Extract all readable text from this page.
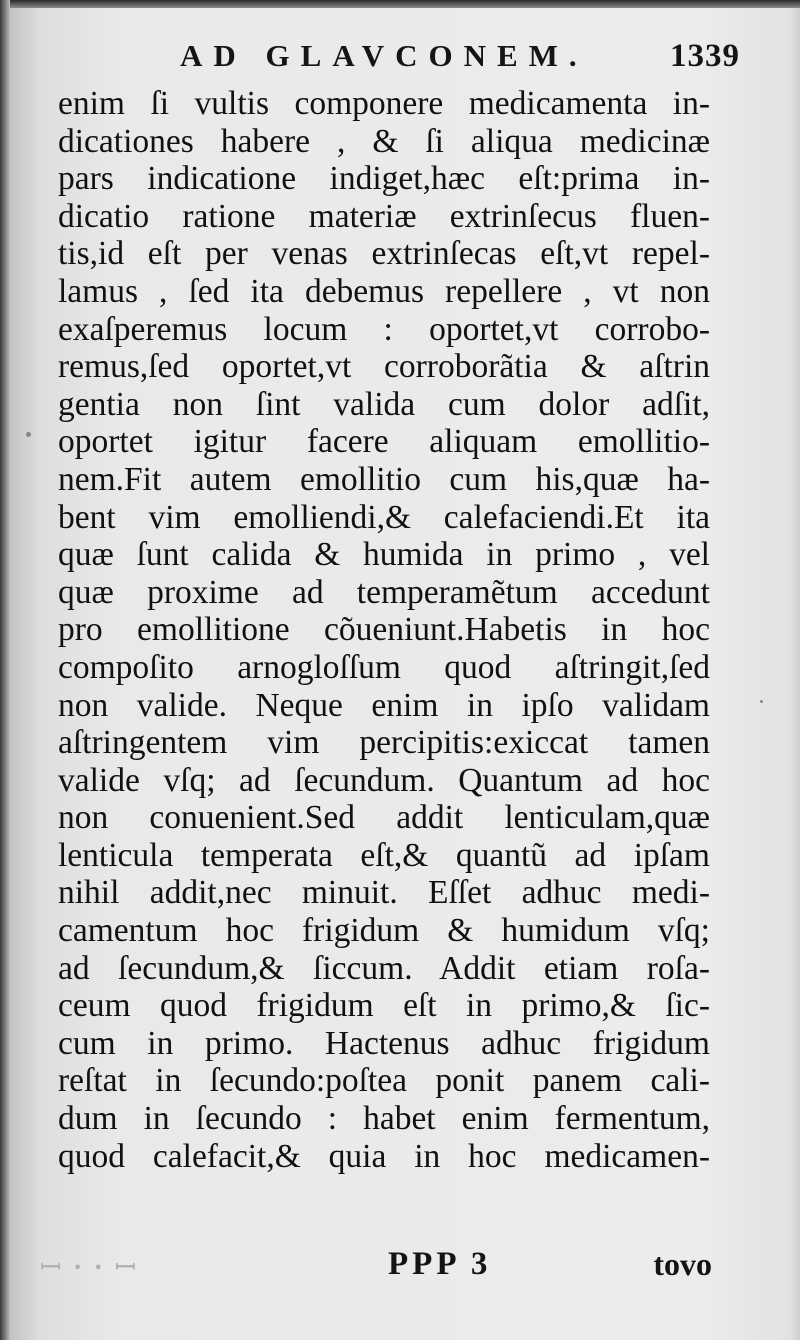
AD GLAVCONEM. 1339
enim ſi vultis componere medicamenta in-
dicationes habere , & ſi aliqua medicinæ
pars indicatione indiget,hæc eſt:prima in-
dicatio ratione materiæ extrinſecus fluen-
tis,id eſt per venas extrinſecas eſt,vt repel-
lamus , ſed ita debemus repellere , vt non
exaſperemus locum : oportet,vt corrobo-
remus,ſed oportet,vt corroborãtia & aſtrin
gentia non ſint valida cum dolor adſit,
oportet igitur facere aliquam emollitio-
nem.Fit autem emollitio cum his,quæ ha-
bent vim emolliendi,& calefaciendi.Et ita
quæ ſunt calida & humida in primo , vel
quæ proxime ad temperamẽtum accedunt
pro emollitione cõueniunt.Habetis in hoc
compoſito arnogloſſum quod aſtringit,ſed
non valide. Neque enim in ipſo validam
aſtringentem vim percipitis:exiccat tamen
valide vſq; ad ſecundum. Quantum ad hoc
non conuenient.Sed addit lenticulam,quæ
lenticula temperata eſt,& quantũ ad ipſam
nihil addit,nec minuit. Eſſet adhuc medi-
camentum hoc frigidum & humidum vſq;
ad ſecundum,& ſiccum. Addit etiam roſa-
ceum quod frigidum eſt in primo,& ſic-
cum in primo. Hactenus adhuc frigidum
reſtat in ſecundo:poſtea ponit panem cali-
dum in ſecundo : habet enim fermentum,
quod calefacit,& quia in hoc medicamen-
ꟷ ꞏ ꞏ ꟷ	PPP 3	tovo
